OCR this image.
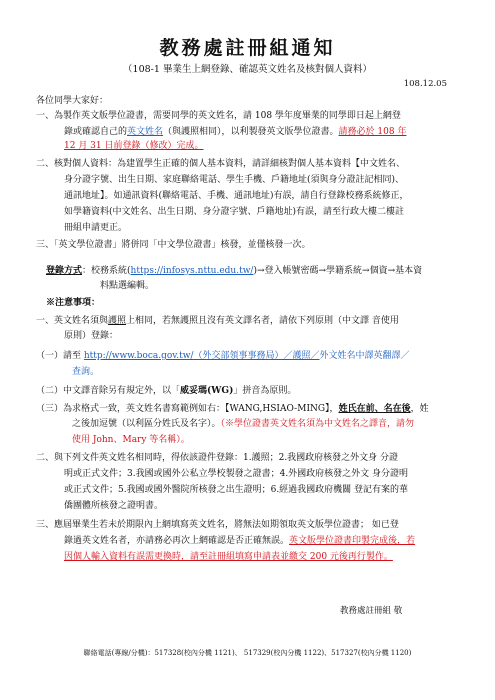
教務處註冊組通知
（108-1 畢業生上網登錄、確認英文姓名及核對個人資料）
108.12.05
各位同學大家好：
一、為製作英文版學位證書，需要同學的英文姓名，請 108 學年度畢業的同學即日起上網登
錄或確認自己的英文姓名（與護照相同），以利製發英文版學位證書。請務必於 108 年
12 月 31 日前登錄（修改）完成。
二、核對個人資料：為建置學生正確的個人基本資料，請詳細核對個人基本資料【中文姓名、
身分證字號、出生日期、家庭聯絡電話、學生手機、戶籍地址(須與身分證註記相同)、
通訊地址】。如通訊資料(聯絡電話、手機、通訊地址)有誤，請自行登錄校務系統修正，
如學籍資料(中文姓名、出生日期、身分證字號、戶籍地址)有誤，請至行政大樓二樓註
冊組申請更正。
三、「英文學位證書」將併同「中文學位證書」核發，並僅核發一次。
登錄方式：校務系統(https://infosys.nttu.edu.tw/)→登入帳號密碼→學籍系統→個資→基本資
料點選編輯。
※注意事項：
一、英文姓名須與護照上相同，若無護照且沒有英文譯名者，請依下列原則（中文譯 音使用
原則）登錄：
（一）請至 http://www.boca.gov.tw/（外交部領事事務局）／護照／外文姓名中譯英翻譯／
查詢。
（二）中文譯音除另有規定外，以「威妥瑪(WG)」拼音為原則。
（三）為求格式一致，英文姓名書寫範例如右：【WANG,HSIAO-MING】，姓氏在前、名在後，姓
之後加逗號（以利區分姓氏及名字）。（※學位證書英文姓名須為中文姓名之譯音，請勿
使用 John、Mary 等名稱）。
二、與下列文件英文姓名相同時，得依該證件登錄：1.護照；2.我國政府核發之外文身 分證
明或正式文件；3.我國或國外公私立學校製發之證書；4.外國政府核發之外文 身分證明
或正式文件；5.我國或國外醫院所核發之出生證明；6.經過我國政府機關 登記有案的華
僑團體所核發之證明書。
三、應屆畢業生若未於期限內上網填寫英文姓名，將無法如期領取英文版學位證書； 如已登
錄過英文姓名者，亦請務必再次上網確認是否正確無誤。英文版學位證書印製完成後，若
因個人輸入資料有誤需更換時，請至註冊組填寫申請表並繳交 200 元後再行製作。
教務處註冊組 敬
聯絡電話(專線/分機)：517328(校內分機 1121)、 517329(校內分機 1122)、517327(校內分機 1120)
